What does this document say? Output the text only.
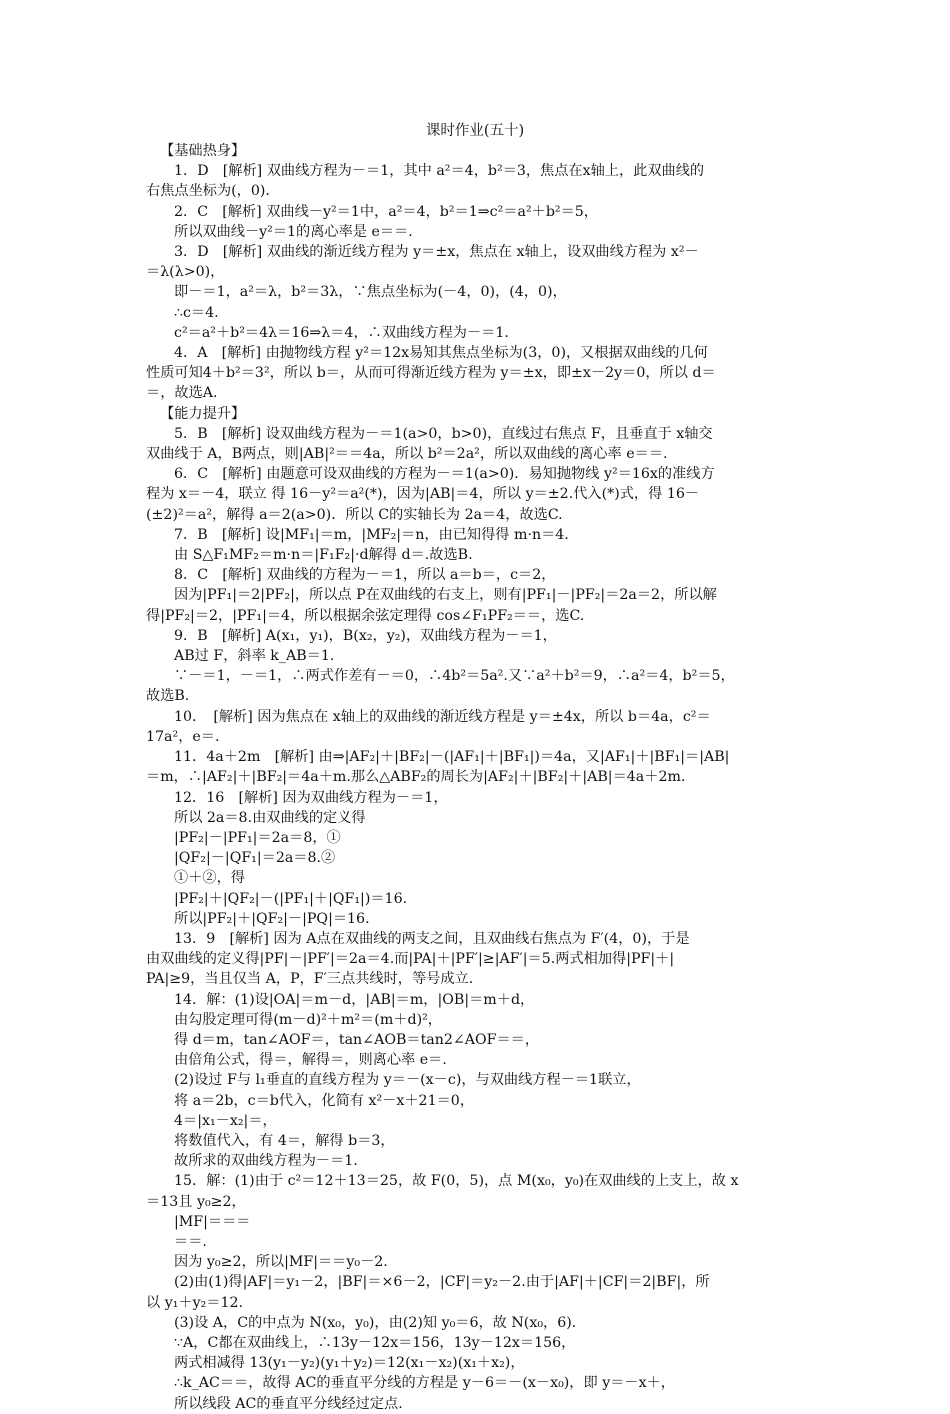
课时作业(五十)
【基础热身】
1．D　[解析] 双曲线方程为－＝1，其中 a²＝4，b²＝3，焦点在x轴上，此双曲线的
右焦点坐标为(，0)．
2．C　[解析] 双曲线－y²＝1中，a²＝4，b²＝1⇒c²＝a²＋b²＝5，
所以双曲线－y²＝1的离心率是 e＝＝．
3．D　[解析] 双曲线的渐近线方程为 y＝±x，焦点在 x轴上，设双曲线方程为 x²－
＝λ(λ>0)，
即－＝1，a²＝λ，b²＝3λ，∵焦点坐标为(－4，0)，(4，0)，
∴c＝4.
c²＝a²＋b²＝4λ＝16⇒λ＝4，∴双曲线方程为－＝1.
4．A　[解析] 由抛物线方程 y²＝12x易知其焦点坐标为(3，0)，又根据双曲线的几何
性质可知4＋b²＝3²，所以 b＝，从而可得渐近线方程为 y＝±x，即±x－2y＝0，所以 d＝
＝，故选A.
【能力提升】
5．B　[解析] 设双曲线方程为－＝1(a>0，b>0)，直线过右焦点 F，且垂直于 x轴交
双曲线于 A，B两点，则|AB|²＝＝4a，所以 b²＝2a²，所以双曲线的离心率 e＝＝.
6．C　[解析] 由题意可设双曲线的方程为－＝1(a>0)．易知抛物线 y²＝16x的准线方
程为 x＝－4，联立 得 16－y²＝a²(*)，因为|AB|＝4，所以 y＝±2.代入(*)式，得 16－
(±2)²＝a²，解得 a＝2(a>0)．所以 C的实轴长为 2a＝4，故选C.
7．B　[解析] 设|MF₁|＝m，|MF₂|＝n，由已知得得 m·n＝4.
由 S△F₁MF₂＝m·n＝|F₁F₂|·d解得 d＝.故选B.
8．C　[解析] 双曲线的方程为－＝1，所以 a＝b＝，c＝2，
因为|PF₁|＝2|PF₂|，所以点 P在双曲线的右支上，则有|PF₁|－|PF₂|＝2a＝2，所以解
得|PF₂|＝2，|PF₁|＝4，所以根据余弦定理得 cos∠F₁PF₂＝＝，选C.
9．B　[解析] A(x₁，y₁)，B(x₂，y₂)，双曲线方程为－＝1，
AB过 F，斜率 k_AB＝1.
∵－＝1，－＝1，∴两式作差有－＝0，∴4b²＝5a².又∵a²＋b²＝9，∴a²＝4，b²＝5，
故选B.
10．　[解析] 因为焦点在 x轴上的双曲线的渐近线方程是 y＝±4x，所以 b＝4a，c²＝
17a²，e＝.
11．4a＋2m　[解析] 由⇒|AF₂|＋|BF₂|－(|AF₁|＋|BF₁|)＝4a，又|AF₁|＋|BF₁|＝|AB|
＝m，∴|AF₂|＋|BF₂|＝4a＋m.那么△ABF₂的周长为|AF₂|＋|BF₂|＋|AB|＝4a＋2m.
12．16　[解析] 因为双曲线方程为－＝1，
所以 2a＝8.由双曲线的定义得
|PF₂|－|PF₁|＝2a＝8，①
|QF₂|－|QF₁|＝2a＝8.②
①＋②，得
|PF₂|＋|QF₂|－(|PF₁|＋|QF₁|)＝16.
所以|PF₂|＋|QF₂|－|PQ|＝16.
13．9　[解析] 因为 A点在双曲线的两支之间，且双曲线右焦点为 F′(4，0)，于是
由双曲线的定义得|PF|－|PF′|＝2a＝4.而|PA|＋|PF′|≥|AF′|＝5.两式相加得|PF|＋|
PA|≥9，当且仅当 A，P，F′三点共线时，等号成立.
14．解：(1)设|OA|＝m－d，|AB|＝m，|OB|＝m＋d，
由勾股定理可得(m－d)²＋m²＝(m＋d)²，
得 d＝m，tan∠AOF＝，tan∠AOB＝tan2∠AOF＝＝，
由倍角公式，得＝，解得＝，则离心率 e＝.
(2)设过 F与 l₁垂直的直线方程为 y＝－(x－c)，与双曲线方程－＝1联立，
将 a＝2b，c＝b代入，化简有 x²－x＋21＝0，
4＝|x₁－x₂|＝，
将数值代入，有 4＝，解得 b＝3，
故所求的双曲线方程为－＝1.
15．解：(1)由于 c²＝12＋13＝25，故 F(0，5)，点 M(x₀，y₀)在双曲线的上支上，故 x
＝13且 y₀≥2，
|MF|＝＝＝
＝＝.
因为 y₀≥2，所以|MF|＝＝y₀－2.
(2)由(1)得|AF|＝y₁－2，|BF|＝×6－2，|CF|＝y₂－2.由于|AF|＋|CF|＝2|BF|，所
以 y₁＋y₂＝12.
(3)设 A，C的中点为 N(x₀，y₀)，由(2)知 y₀＝6，故 N(x₀，6)．
∵A，C都在双曲线上，∴13y－12x＝156，13y－12x＝156，
两式相减得 13(y₁－y₂)(y₁＋y₂)＝12(x₁－x₂)(x₁＋x₂)，
∴k_AC＝＝，故得 AC的垂直平分线的方程是 y－6＝－(x－x₀)，即 y＝－x＋，
所以线段 AC的垂直平分线经过定点.
